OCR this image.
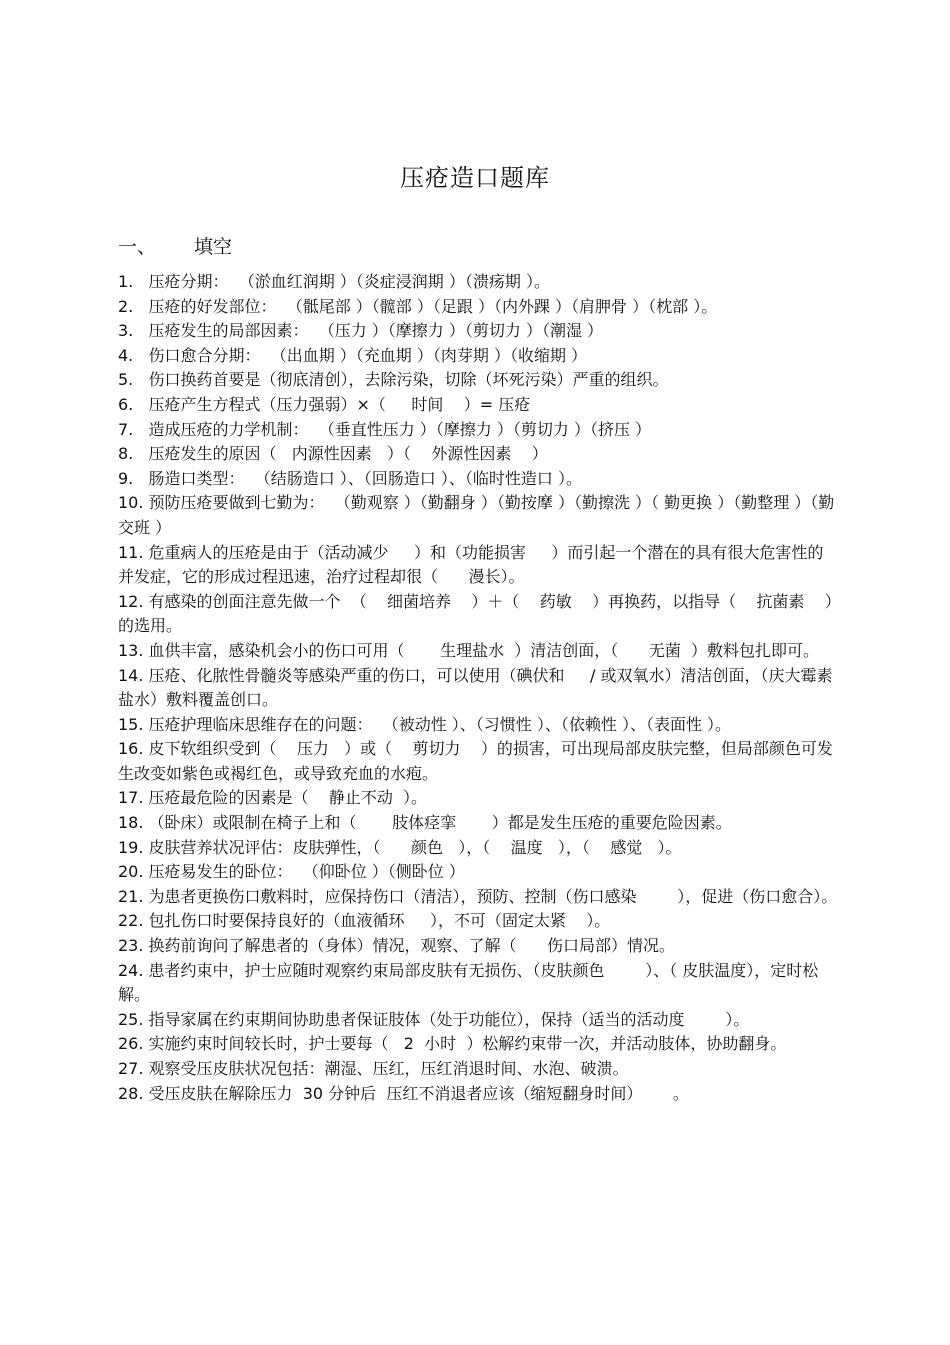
压疮造口题库
一、 填空

1.   压疮分期：  （淤血红润期 ）（炎症浸润期 ）（溃疡期 ）。

2.   压疮的好发部位：  （骶尾部 ）（髋部 ）（足跟 ）（内外踝 ）（肩胛骨 ）（枕部 ）。

3.   压疮发生的局部因素：  （压力 ）（摩擦力 ）（剪切力 ）（潮湿 ）

4.   伤口愈合分期：  （出血期 ）（充血期 ）（肉芽期 ）（收缩期 ）

5.   伤口换药首要是（彻底清创），去除污染，切除（坏死污染）严重的组织。

6.   压疮产生方程式（压力强弱）×（     时间    ）= 压疮

7.   造成压疮的力学机制：  （垂直性压力 ）（摩擦力 ）（剪切力 ）（挤压 ）

8.   压疮发生的原因（   内源性因素   ）（    外源性因素    ）

9.   肠造口类型：  （结肠造口 ）、（回肠造口 ）、（临时性造口 ）。

10. 预防压疮要做到七勤为：  （勤观察 ）（勤翻身 ）（勤按摩 ）（勤擦洗 ）（ 勤更换 ）（勤整理 ）（勤交班 ）

11. 危重病人的压疮是由于（活动减少     ）和（功能损害     ）而引起一个潜在的具有很大危害性的并发症，它的形成过程迅速，治疗过程却很（      漫长）。

12. 有感染的创面注意先做一个  （    细菌培养    ）＋（    药敏    ）再换药，以指导（    抗菌素    ）的选用。

13. 血供丰富，感染机会小的伤口可用（       生理盐水  ）清洁创面，（      无菌  ）敷料包扎即可。

14. 压疮、化脓性骨髓炎等感染严重的伤口，可以使用（碘伏和     / 或双氧水）清洁创面，（庆大霉素盐水）敷料覆盖创口。

15. 压疮护理临床思维存在的问题：  （被动性 ）、（习惯性 ）、（依赖性 ）、（表面性 ）。

16. 皮下软组织受到（    压力   ）或（    剪切力    ）的损害，可出现局部皮肤完整，但局部颜色可发生改变如紫色或褐红色，或导致充血的水疱。

17. 压疮最危险的因素是（    静止不动  ）。

18. （卧床）或限制在椅子上和（       肢体痉挛       ）都是发生压疮的重要危险因素。

19. 皮肤营养状况评估：皮肤弹性，（      颜色   ），（    温度   ），（    感觉   ）。

20. 压疮易发生的卧位：  （仰卧位 ）（侧卧位 ）

21. 为患者更换伤口敷料时，应保持伤口（清洁），预防、控制（伤口感染        ），促进（伤口愈合）。

22. 包扎伤口时要保持良好的（血液循环     ），不可（固定太紧    ）。

23. 换药前询问了解患者的（身体）情况，观察、了解（      伤口局部）情况。

24. 患者约束中，护士应随时观察约束局部皮肤有无损伤、（皮肤颜色        ）、（ 皮肤温度），定时松解。

25. 指导家属在约束期间协助患者保证肢体（处于功能位），保持（适当的活动度        ）。

26. 实施约束时间较长时，护士要每（   2  小时  ）松解约束带一次，并活动肢体，协助翻身。

27. 观察受压皮肤状况包括：潮湿、压红，压红消退时间、水泡、破溃。

28. 受压皮肤在解除压力  30 分钟后  压红不消退者应该（缩短翻身时间）      。
